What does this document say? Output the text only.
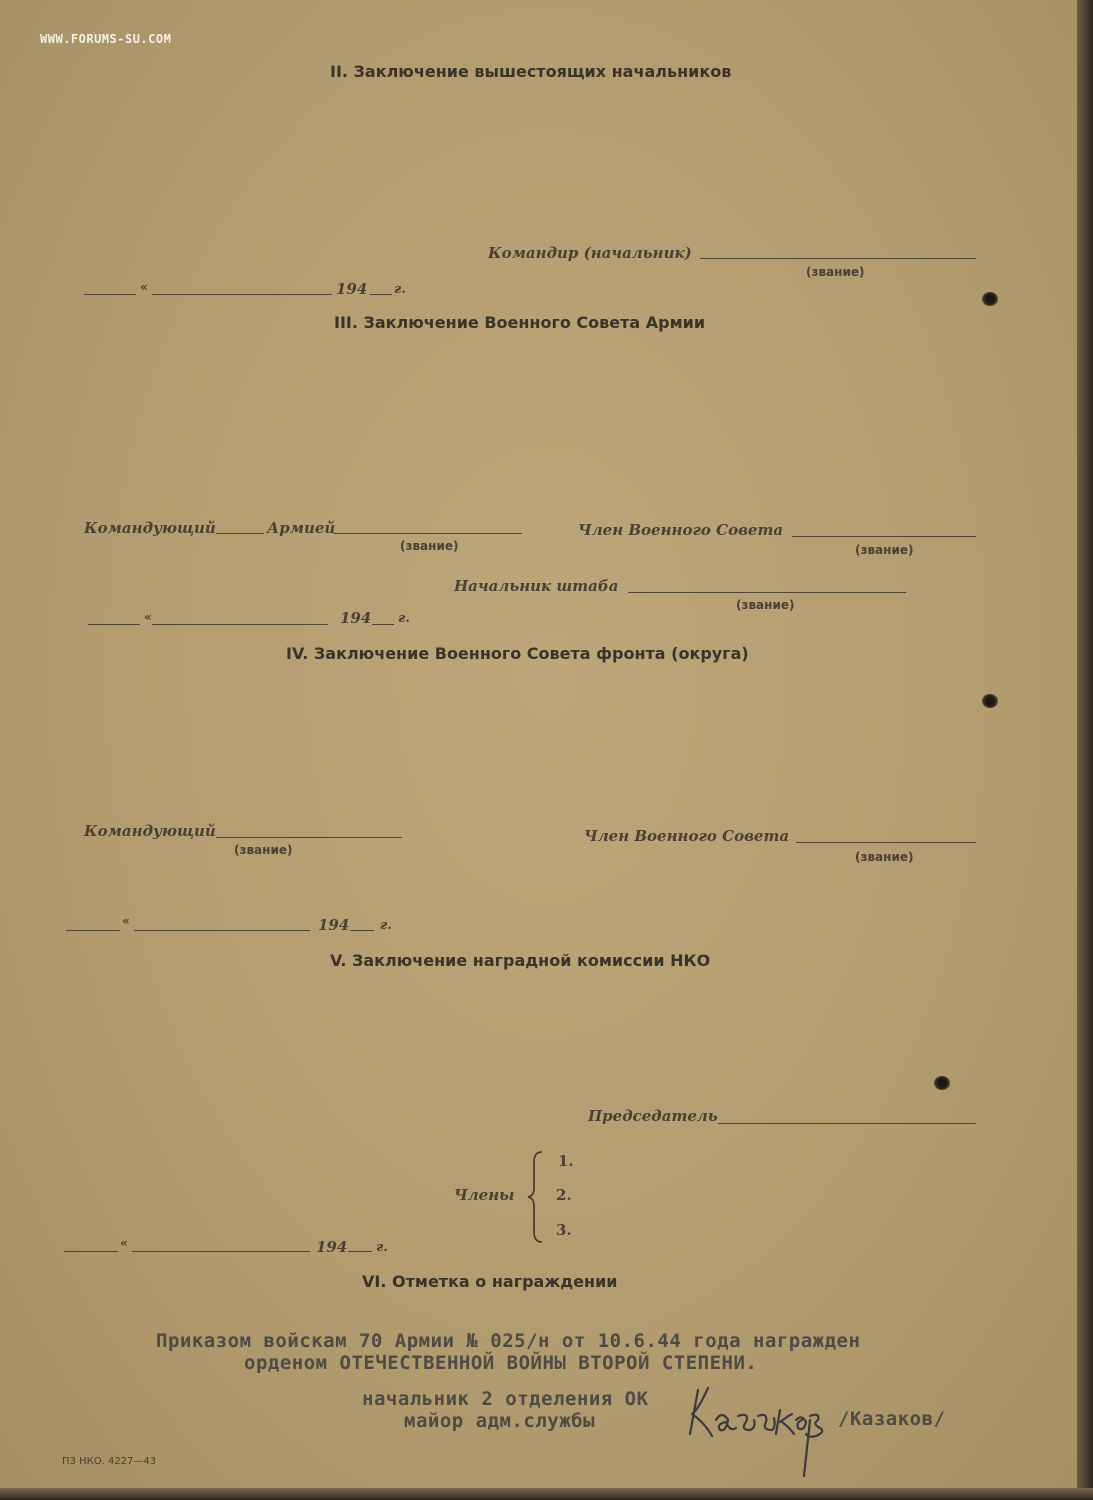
WWW.FORUMS-SU.COM
II. Заключение вышестоящих начальников
Командир (начальник)
(звание)
«	194 г.
III. Заключение Военного Совета Армии
Командующий	Армией
(звание)
Член Военного Совета
(звание)
Начальник штаба
(звание)
«	194 г.
IV. Заключение Военного Совета фронта (округа)
Командующий
(звание)
Член Военного Совета
(звание)
«	194 г.
V. Заключение наградной комиссии НКО
Председатель
Члены
1.
2.
3.
«	194 г.
VI. Отметка о награждении
Приказом войскам 70 Армии № 025/н от 10.6.44 года награжден
орденом ОТЕЧЕСТВЕННОЙ ВОЙНЫ ВТОРОЙ СТЕПЕНИ.
начальник 2 отделения ОК
майор адм.службы	/Казаков/
ПЗ НКО. 4227—43
